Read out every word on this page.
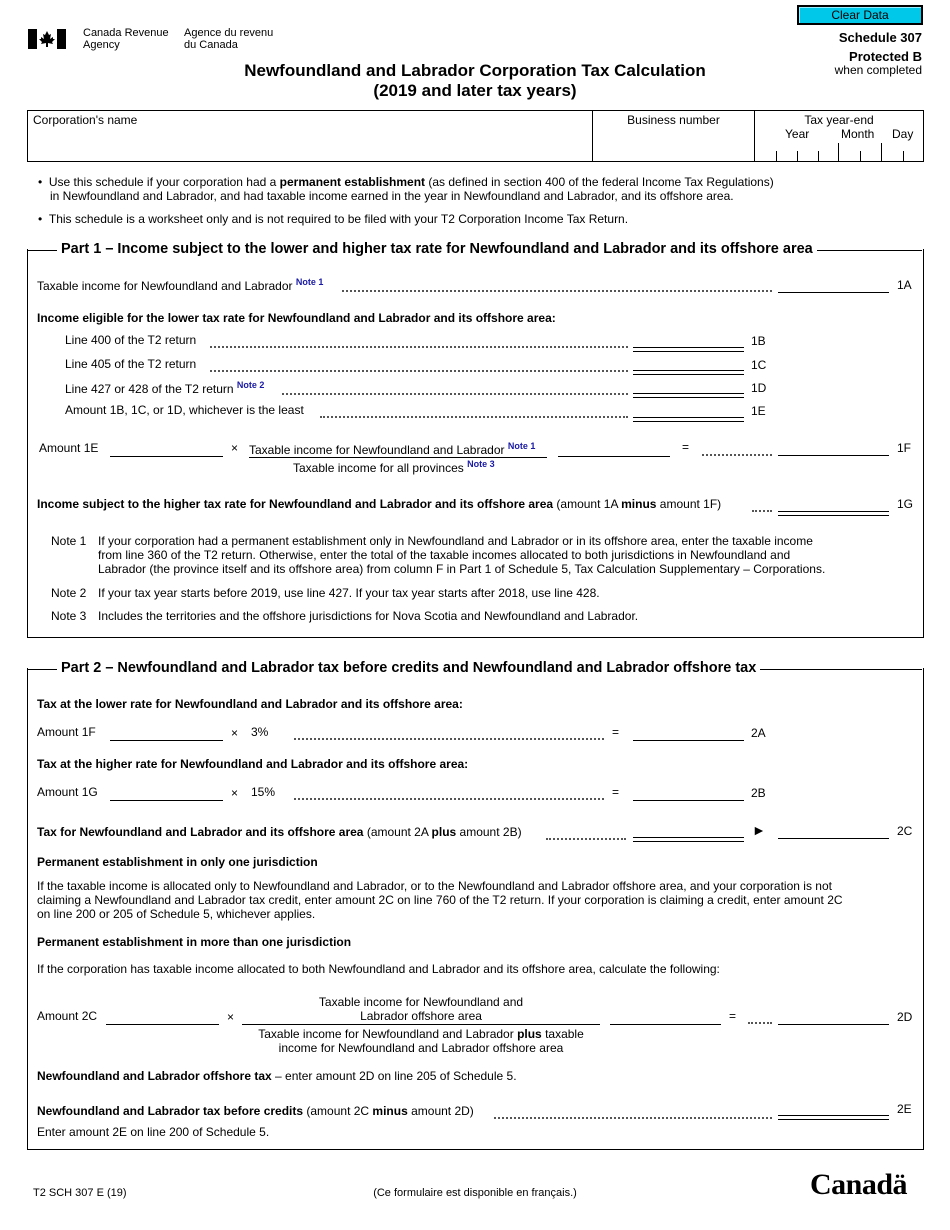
Canada Revenue
Agency
Agence du revenu
du Canada
Clear Data
Schedule 307
Protected B
when completed
Newfoundland and Labrador Corporation Tax Calculation
(2019 and later tax years)
Corporation's name	Business number	Tax year-end
Year	Month Day
•  Use this schedule if your corporation had a permanent establishment (as defined in section 400 of the federal Income Tax Regulations)
in Newfoundland and Labrador, and had taxable income earned in the year in Newfoundland and Labrador, and its offshore area.
•  This schedule is a worksheet only and is not required to be filed with your T2 Corporation Income Tax Return.
Part 1 – Income subject to the lower and higher tax rate for Newfoundland and Labrador and its offshore area
Taxable income for Newfoundland and Labrador $^{Note 1}$	1A
Income eligible for the lower tax rate for Newfoundland and Labrador and its offshore area:
Line 400 of the T2 return	1B
Line 405 of the T2 return	1C
Line 427 or 428 of the T2 return $^{Note 2}$	1D
Amount 1B, 1C, or 1D, whichever is the least	1E
Amount 1E	× Taxable income for Newfoundland and Labrador $^{Note 1}$
Taxable income for all provinces $^{Note 3}$
=	1F
Income subject to the higher tax rate for Newfoundland and Labrador and its offshore area (amount 1A minus amount 1F)	1G
Note 1 If your corporation had a permanent establishment only in Newfoundland and Labrador or in its offshore area, enter the taxable income
from line 360 of the T2 return. Otherwise, enter the total of the taxable incomes allocated to both jurisdictions in Newfoundland and
Labrador (the province itself and its offshore area) from column F in Part 1 of Schedule 5, Tax Calculation Supplementary – Corporations.
Note 2 If your tax year starts before 2019, use line 427. If your tax year starts after 2018, use line 428.
Note 3 Includes the territories and the offshore jurisdictions for Nova Scotia and Newfoundland and Labrador.
Part 2 – Newfoundland and Labrador tax before credits and Newfoundland and Labrador offshore tax
Tax at the lower rate for Newfoundland and Labrador and its offshore area:
Amount 1F	× 3%	=	2A
Tax at the higher rate for Newfoundland and Labrador and its offshore area:
Amount 1G	× 15%	=	2B
Tax for Newfoundland and Labrador and its offshore area (amount 2A plus amount 2B)	►	2C
Permanent establishment in only one jurisdiction
If the taxable income is allocated only to Newfoundland and Labrador, or to the Newfoundland and Labrador offshore area, and your corporation is not
claiming a Newfoundland and Labrador tax credit, enter amount 2C on line 760 of the T2 return. If your corporation is claiming a credit, enter amount 2C
on line 200 or 205 of Schedule 5, whichever applies.
Permanent establishment in more than one jurisdiction
If the corporation has taxable income allocated to both Newfoundland and Labrador and its offshore area, calculate the following:
Amount 2C	×
Taxable income for Newfoundland and
Labrador offshore area
Taxable income for Newfoundland and Labrador plus taxable
income for Newfoundland and Labrador offshore area
=	2D
Newfoundland and Labrador offshore tax – enter amount 2D on line 205 of Schedule 5.
Newfoundland and Labrador tax before credits (amount 2C minus amount 2D)	2E
Enter amount 2E on line 200 of Schedule 5.
T2 SCH 307 E (19)	(Ce formulaire est disponible en français.)	Canadä
